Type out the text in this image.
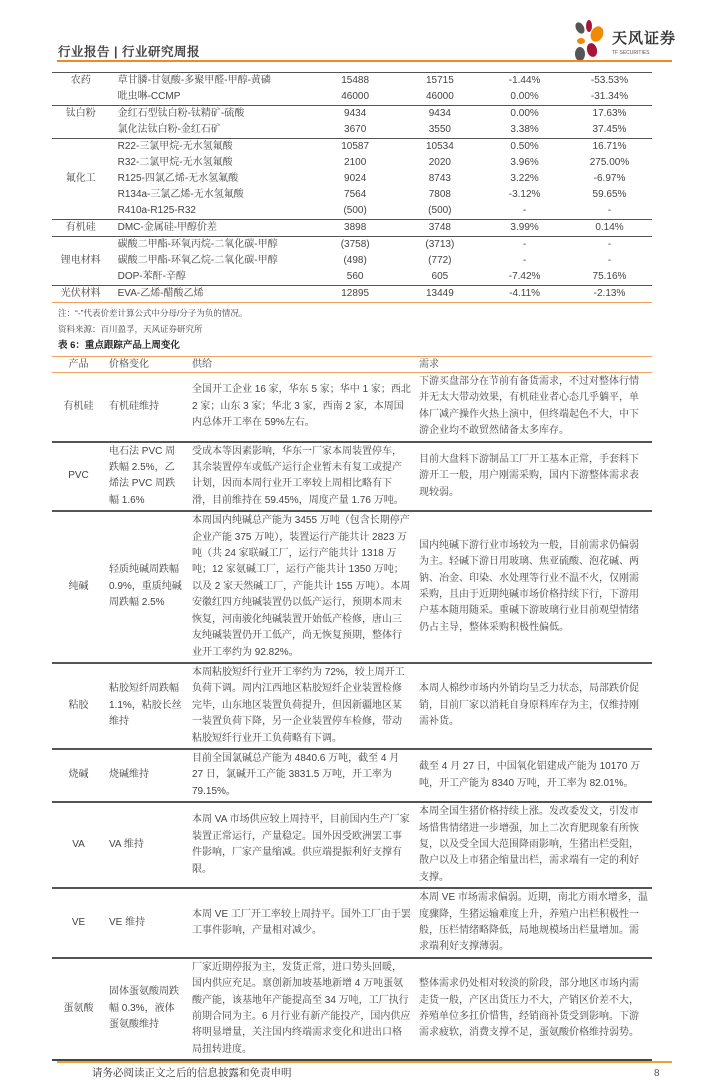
行业报告 | 行业研究周报
天风证券
TF SECURITIES
农药	草甘膦-甘氨酸-多聚甲醛-甲醇-黄磷	15488	15715	-1.44%	-53.53%
	吡虫啉-CCMP	46000	46000	0.00%	-31.34%
钛白粉	金红石型钛白粉-钛精矿-硫酸	9434	9434	0.00%	17.63%
	氯化法钛白粉-金红石矿	3670	3550	3.38%	37.45%
	R22-三氯甲烷-无水氢氟酸	10587	10534	0.50%	16.71%
	R32-二氯甲烷-无水氢氟酸	2100	2020	3.96%	275.00%
氟化工	R125-四氯乙烯-无水氢氟酸	9024	8743	3.22%	-6.97%
	R134a-三氯乙烯-无水氢氟酸	7564	7808	-3.12%	59.65%
	R410a-R125-R32	(500)	(500)	-	-
有机硅	DMC-金属硅-甲醇价差	3898	3748	3.99%	0.14%
	碳酸二甲酯-环氧丙烷-二氧化碳-甲醇	(3758)	(3713)	-	-
锂电材料	碳酸二甲酯-环氧乙烷-二氧化碳-甲醇	(498)	(772)	-	-
	DOP-苯酐-辛醇	560	605	-7.42%	75.16%
光伏材料	EVA-乙烯-醋酸乙烯	12895	13449	-4.11%	-2.13%
注：“-”代表价差计算公式中分母/分子为负的情况。
资料来源：百川盈孚，天风证券研究所
表 6：重点跟踪产品上周变化
产品	价格变化	供给	需求
有机硅	有机硅维持	全国开工企业 16 家，华东 5 家；华中 1 家；西北 2 家；山东 3 家；华北 3 家，西南 2 家，本周国内总体开工率在 59%左右。	下游买盘部分在节前有备货需求，不过对整体行情并无太大带动效果，有机硅业者心态几乎躺平，单体厂减产操作火热上演中，但终端起色不大，中下游企业均不敢贸然储备太多库存。
PVC	电石法 PVC 周跌幅 2.5%，乙烯法 PVC 周跌幅 1.6%	受成本等因素影响，华东一厂家本周装置停车，其余装置停车或低产运行企业暂未有复工或提产计划，因而本周行业开工率较上周相比略有下滑，目前维持在 59.45%，周度产量 1.76 万吨。	目前大盘料下游制品工厂开工基本正常，手套料下游开工一般，用户刚需采购，国内下游整体需求表现较弱。
纯碱	轻质纯碱周跌幅 0.9%，重质纯碱周跌幅 2.5%	本周国内纯碱总产能为 3455 万吨（包含长期停产企业产能 375 万吨），装置运行产能共计 2823 万吨（共 24 家联碱工厂，运行产能共计 1318 万吨；12 家氨碱工厂，运行产能共计 1350 万吨；以及 2 家天然碱工厂，产能共计 155 万吨）。本周安徽红四方纯碱装置仍以低产运行，预期本周末恢复，河南骏化纯碱装置开始低产检修，唐山三友纯碱装置仍开工低产，尚无恢复预期，整体行业开工率约为 92.82%。	国内纯碱下游行业市场较为一般，目前需求仍偏弱为主。轻碱下游日用玻璃、焦亚硫酸、泡花碱、两钠、冶金、印染、水处理等行业不温不火，仅刚需采购，且由于近期纯碱市场价格持续下行，下游用户基本随用随采。重碱下游玻璃行业目前观望情绪仍占主导，整体采购积极性偏低。
粘胶	粘胶短纤周跌幅 1.1%，粘胶长丝维持	本周粘胶短纤行业开工率约为 72%，较上周开工负荷下调。周内江西地区粘胶短纤企业装置检修完毕，山东地区装置负荷提升，但因新疆地区某一装置负荷下降，另一企业装置停车检修，带动粘胶短纤行业开工负荷略有下调。	本周人棉纱市场内外销均呈乏力状态，局部跌价促销，目前厂家以消耗自身原料库存为主，仅维持刚需补货。
烧碱	烧碱维持	目前全国氯碱总产能为 4840.6 万吨，截至 4 月 27 日，氯碱开工产能 3831.5 万吨，开工率为 79.15%。	截至 4 月 27 日，中国氧化铝建成产能为 10170 万吨，开工产能为 8340 万吨，开工率为 82.01%。
VA	VA 维持	本周 VA 市场供应较上周持平，目前国内生产厂家装置正常运行，产量稳定。国外因受欧洲罢工事件影响，厂家产量缩减。供应端提振利好支撑有限。	本周全国生猪价格持续上涨。发改委发文，引发市场惜售情绪进一步增强，加上二次育肥现象有所恢复，以及受全国大范围降雨影响，生猪出栏受阻，散户以及上市猪企缩量出栏，需求端有一定的利好支撑。
VE	VE 维持	本周 VE 工厂开工率较上周持平。国外工厂由于罢工事件影响，产量相对减少。	本周 VE 市场需求偏弱。近期，南北方雨水增多，温度骤降，生猪运输难度上升，养殖户出栏积极性一般，压栏情绪略降低，局地规模场出栏量增加。需求端利好支撑薄弱。
蛋氨酸	固体蛋氨酸周跌幅 0.3%，液体蛋氨酸维持	厂家近期停报为主，发货正常，进口势头回暖，国内供应充足。禀创新加坡基地新增 4 万吨蛋氨酸产能，该基地年产能提高至 34 万吨，工厂执行前期合同为主。6 月行业有新产能投产，国内供应将明显增量，关注国内终端需求变化和进出口格局扭转进度。	整体需求仍处相对较淡的阶段，部分地区市场内需走货一般，产区出货压力不大，产销区价差不大，养殖单位多扛价惜售，经销商补货受到影响。下游需求疲软，消费支撑不足，蛋氨酸价格维持弱势。
请务必阅读正文之后的信息披露和免责申明	8
